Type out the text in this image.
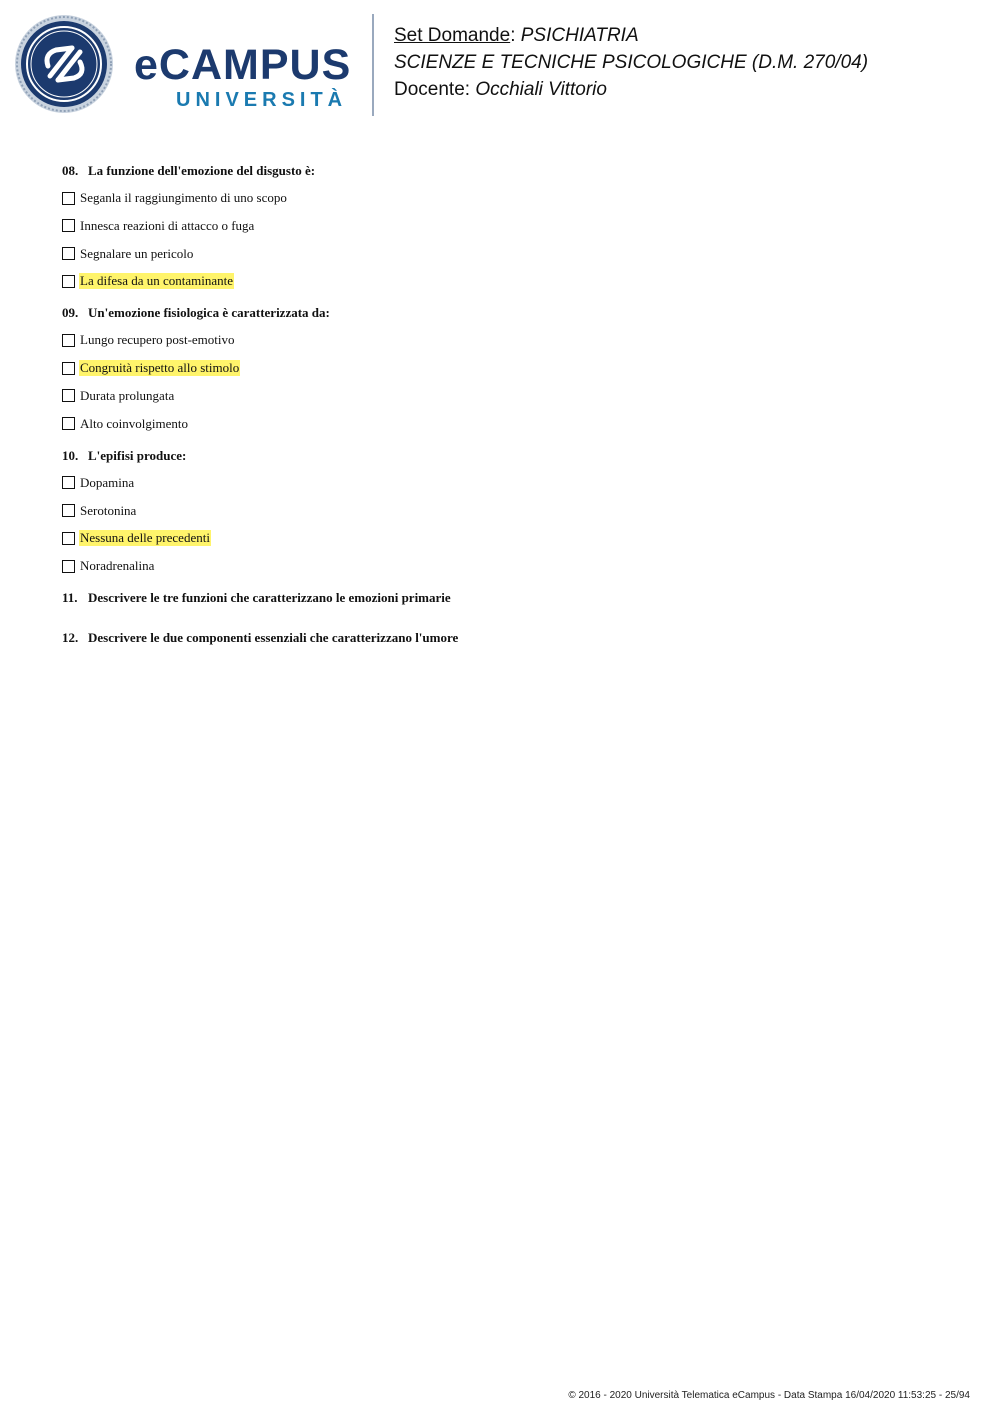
eCAMPUS
UNIVERSITÀ
Set Domande: PSICHIATRIA
SCIENZE E TECNICHE PSICOLOGICHE (D.M. 270/04)
Docente: Occhiali Vittorio
08. La funzione dell'emozione del disgusto è:
Seganla il raggiungimento di uno scopo
Innesca reazioni di attacco o fuga
Segnalare un pericolo
La difesa da un contaminante
09. Un'emozione fisiologica è caratterizzata da:
Lungo recupero post-emotivo
Congruità rispetto allo stimolo
Durata prolungata
Alto coinvolgimento
10. L'epifisi produce:
Dopamina
Serotonina
Nessuna delle precedenti
Noradrenalina
11. Descrivere le tre funzioni che caratterizzano le emozioni primarie
12. Descrivere le due componenti essenziali che caratterizzano l'umore
© 2016 - 2020 Università Telematica eCampus - Data Stampa 16/04/2020 11:53:25 - 25/94
